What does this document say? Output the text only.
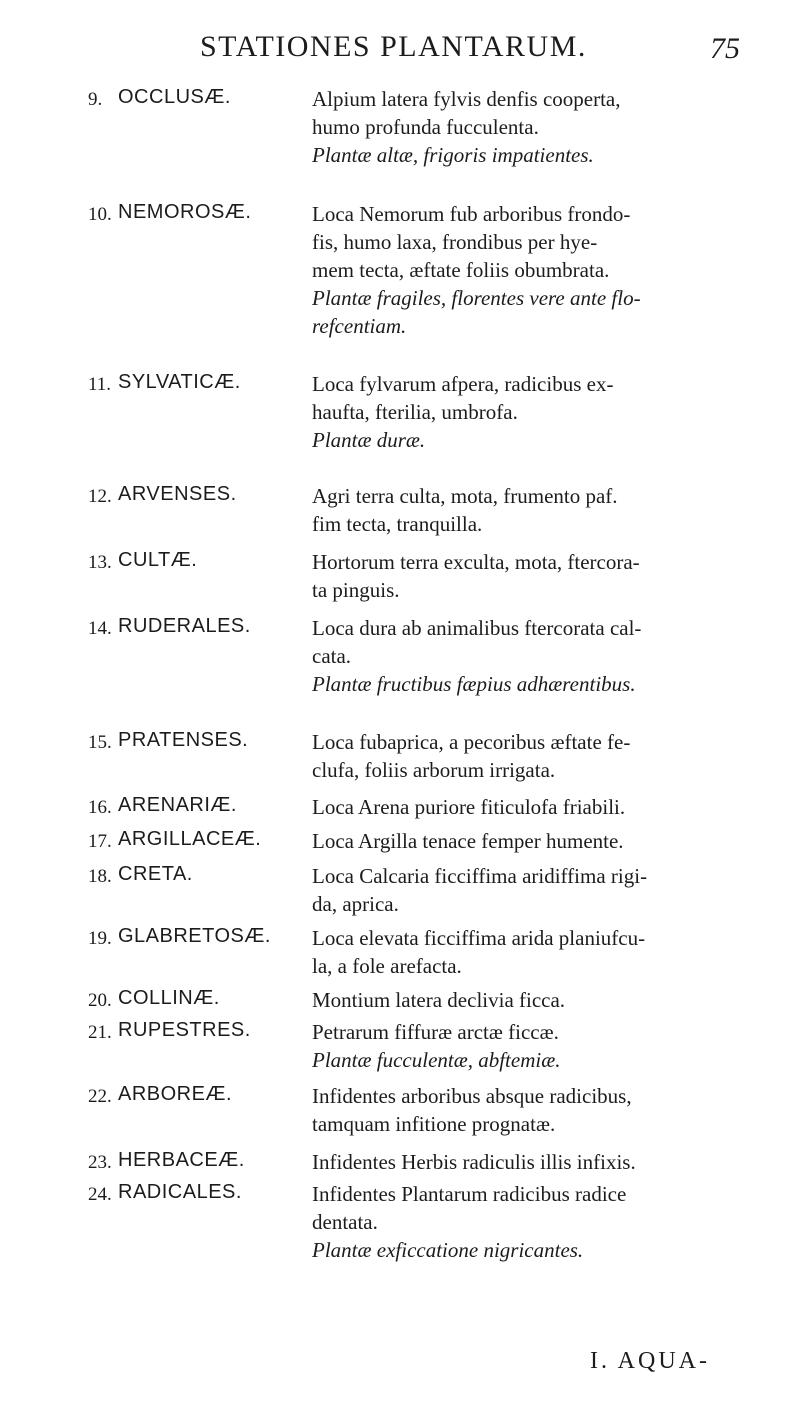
STATIONES PLANTARUM.	75
9. OCCLUSÆ.	Alpium latera fylvis denfis cooperta,
humo profunda fucculenta.
Plantæ altæ, frigoris impatientes.
10. NEMOROSÆ.	Loca Nemorum fub arboribus frondo-
fis, humo laxa, frondibus per hye-
mem tecta, æftate foliis obumbrata.
Plantæ fragiles, florentes vere ante flo-
refcentiam.
11. SYLVATICÆ.	Loca fylvarum afpera, radicibus ex-
haufta, fterilia, umbrofa.
Plantæ duræ.
12. ARVENSES.	Agri terra culta, mota, frumento paf.
fim tecta, tranquilla.
13. CULTÆ.	Hortorum terra exculta, mota, ftercora-
ta pinguis.
14. RUDERALES.	Loca dura ab animalibus ftercorata cal-
cata.
Plantæ fructibus fæpius adhærentibus.
15. PRATENSES.	Loca fubaprica, a pecoribus æftate fe-
clufa, foliis arborum irrigata.
16. ARENARIÆ.	Loca Arena puriore fiticulofa friabili.
17. ARGILLACEÆ. Loca Argilla tenace femper humente.
18. CRETA.	Loca Calcaria ficciffima aridiffima rigi-
da, aprica.
19. GLABRETOSÆ. Loca elevata ficciffima arida planiufcu-
la, a fole arefacta.
20. COLLINÆ.	Montium latera declivia ficca.
21. RUPESTRES.	Petrarum fiffuræ arctæ ficcæ.
Plantæ fucculentæ, abftemiæ.
22. ARBOREÆ.	Infidentes arboribus absque radicibus,
tamquam infitione prognatæ.
23. HERBACEÆ.	Infidentes Herbis radiculis illis infixis.
24. RADICALES.	Infidentes Plantarum radicibus radice
dentata.
Plantæ exficcatione nigricantes.
I. AQUA-
